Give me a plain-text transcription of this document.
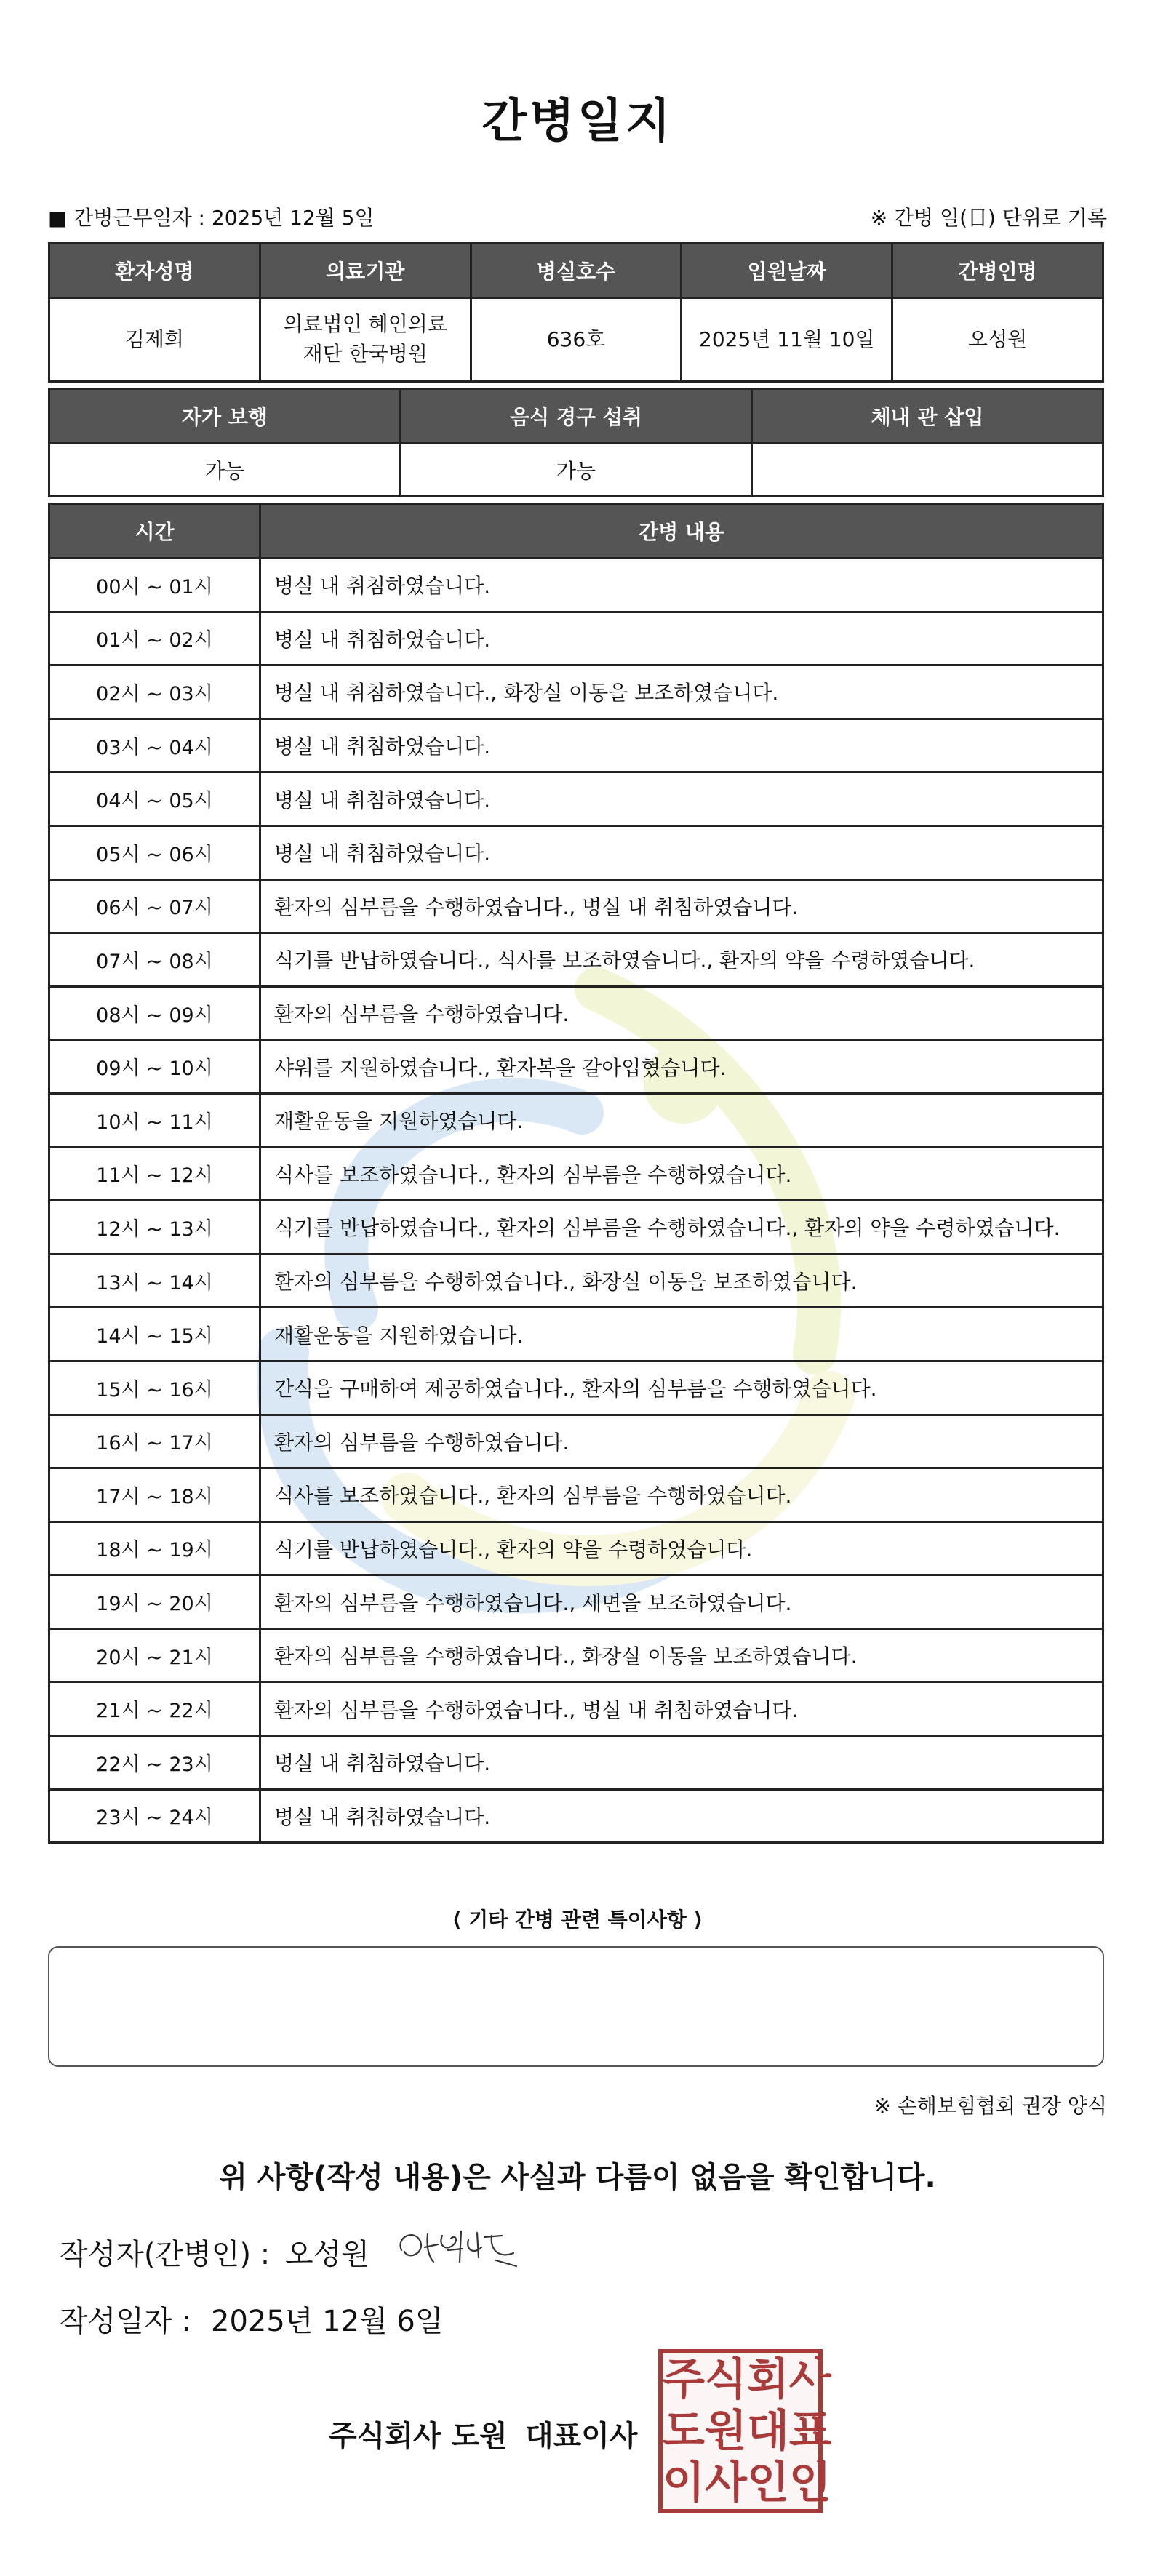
간병일지
■ 간병근무일자 : 2025년 12월 5일	※ 간병 일(日) 단위로 기록
환자성명	의료기관	병실호수	입원날짜	간병인명
김제희	의료법인 혜인의료재단 한국병원	636호	2025년 11월 10일	오성원
자가 보행	음식 경구 섭취	체내 관 삽입
가능	가능	
시간	간병 내용
00시 ~ 01시	병실 내 취침하였습니다.
01시 ~ 02시	병실 내 취침하였습니다.
02시 ~ 03시	병실 내 취침하였습니다., 화장실 이동을 보조하였습니다.
03시 ~ 04시	병실 내 취침하였습니다.
04시 ~ 05시	병실 내 취침하였습니다.
05시 ~ 06시	병실 내 취침하였습니다.
06시 ~ 07시	환자의 심부름을 수행하였습니다., 병실 내 취침하였습니다.
07시 ~ 08시	식기를 반납하였습니다., 식사를 보조하였습니다., 환자의 약을 수령하였습니다.
08시 ~ 09시	환자의 심부름을 수행하였습니다.
09시 ~ 10시	샤워를 지원하였습니다., 환자복을 갈아입혔습니다.
10시 ~ 11시	재활운동을 지원하였습니다.
11시 ~ 12시	식사를 보조하였습니다., 환자의 심부름을 수행하였습니다.
12시 ~ 13시	식기를 반납하였습니다., 환자의 심부름을 수행하였습니다., 환자의 약을 수령하였습니다.
13시 ~ 14시	환자의 심부름을 수행하였습니다., 화장실 이동을 보조하였습니다.
14시 ~ 15시	재활운동을 지원하였습니다.
15시 ~ 16시	간식을 구매하여 제공하였습니다., 환자의 심부름을 수행하였습니다.
16시 ~ 17시	환자의 심부름을 수행하였습니다.
17시 ~ 18시	식사를 보조하였습니다., 환자의 심부름을 수행하였습니다.
18시 ~ 19시	식기를 반납하였습니다., 환자의 약을 수령하였습니다.
19시 ~ 20시	환자의 심부름을 수행하였습니다., 세면을 보조하였습니다.
20시 ~ 21시	환자의 심부름을 수행하였습니다., 화장실 이동을 보조하였습니다.
21시 ~ 22시	환자의 심부름을 수행하였습니다., 병실 내 취침하였습니다.
22시 ~ 23시	병실 내 취침하였습니다.
23시 ~ 24시	병실 내 취침하였습니다.
⟨ 기타 간병 관련 특이사항 ⟩
※ 손해보험협회 권장 양식
위 사항(작성 내용)은 사실과 다름이 없음을 확인합니다.
작성자(간병인) : 오성원
작성일자 : 2025년 12월 6일
주식회사 도원 대표이사
주 식 회 사
도 원 대 표
이 사 인 인
